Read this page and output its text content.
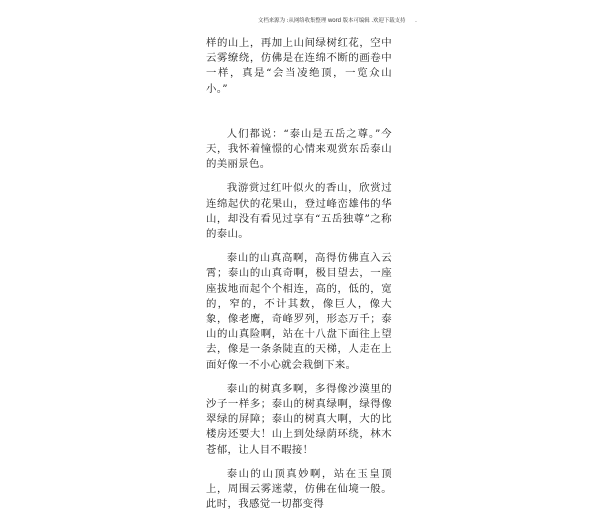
文档来源为 :从网络收集整理 word 版本可编辑 .欢迎下载支持 .

样的山上，再加上山间绿树红花，空中云雾缭绕，仿佛是在连绵不断的画卷中一样，真是“会当凌绝顶，一览众山小。”

人们都说：“泰山是五岳之尊。”今天，我怀着憧憬的心情来观赏东岳泰山的美丽景色。

我游赏过红叶似火的香山，欣赏过连绵起伏的花果山，登过峰峦雄伟的华山，却没有看见过享有“五岳独尊”之称的泰山。

泰山的山真高啊，高得仿佛直入云霄；泰山的山真奇啊，极目望去，一座座拔地而起个个相连，高的，低的，宽的，窄的，不计其数，像巨人，像大象，像老鹰，奇峰罗列，形态万千；泰山的山真险啊，站在十八盘下面往上望去，像是一条条陡直的天梯，人走在上面好像一不小心就会栽倒下来。

泰山的树真多啊，多得像沙漠里的沙子一样多；泰山的树真绿啊，绿得像翠绿的屏障；泰山的树真大啊，大的比楼房还要大！山上到处绿荫环绕，林木苍郁，让人目不暇接！

泰山的山顶真妙啊，站在玉皇顶上，周围云雾迷蒙，仿佛在仙境一般。此时，我感觉一切都变得
